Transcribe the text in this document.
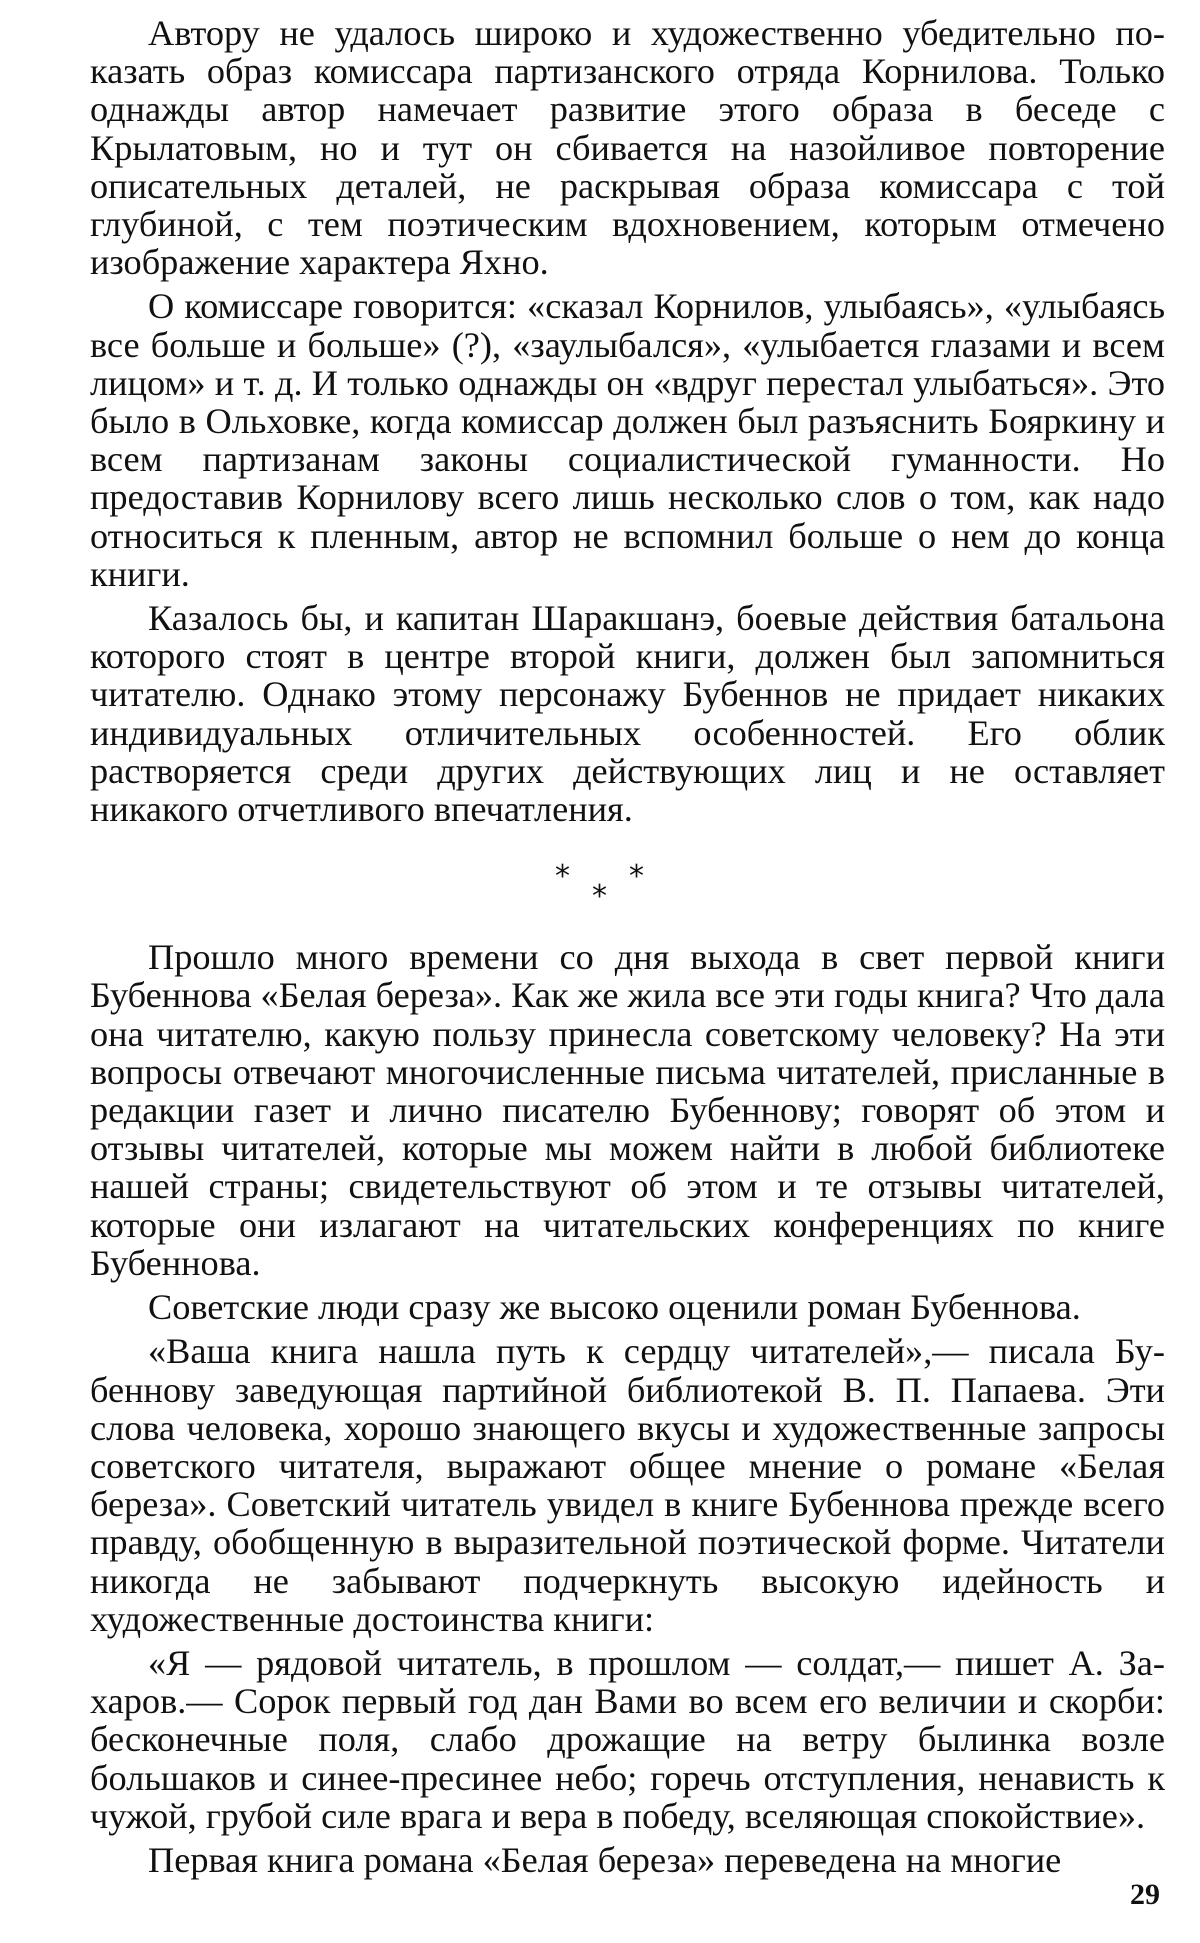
Автору не удалось широко и художественно убедительно показать образ комиссара партизанского отряда Корнилова. Только однажды автор намечает развитие этого образа в беседе с Крылатовым, но и тут он сбивается на назойливое повторение описательных деталей, не раскрывая образа комиссара с той глубиной, с тем поэтическим вдохновением, которым отмечено изображение характера Яхно.

О комиссаре говорится: «сказал Корнилов, улыбаясь», «улыбаясь все больше и больше» (?), «заулыбался», «улыбается глазами и всем лицом» и т. д. И только однажды он «вдруг перестал улыбаться». Это было в Ольховке, когда комиссар должен был разъяснить Бояркину и всем партизанам законы социалистической гуманности. Но предоставив Корнилову всего лишь несколько слов о том, как надо относиться к пленным, автор не вспомнил больше о нем до конца книги.

Казалось бы, и капитан Шаракшанэ, боевые действия батальона которого стоят в центре второй книги, должен был запомниться читателю. Однако этому персонажу Бубеннов не придает никаких индивидуальных отличительных особенностей. Его облик растворяется среди других действующих лиц и не оставляет никакого отчетливого впечатления.

*
*
*

Прошло много времени со дня выхода в свет первой книги Бубеннова «Белая береза». Как же жила все эти годы книга? Что дала она читателю, какую пользу принесла советскому человеку? На эти вопросы отвечают многочисленные письма читателей, присланные в редакции газет и лично писателю Бубеннову; говорят об этом и отзывы читателей, которые мы можем найти в любой библиотеке нашей страны; свидетельствуют об этом и те отзывы читателей, которые они излагают на читательских конференциях по книге Бубеннова.

Советские люди сразу же высоко оценили роман Бубеннова.

«Ваша книга нашла путь к сердцу читателей»,— писала Бубеннову заведующая партийной библиотекой В. П. Папаева. Эти слова человека, хорошо знающего вкусы и художественные запросы советского читателя, выражают общее мнение о романе «Белая береза». Советский читатель увидел в книге Бубеннова прежде всего правду, обобщенную в выразительной поэтической форме. Читатели никогда не забывают подчеркнуть высокую идейность и художественные достоинства книги:

«Я — рядовой читатель, в прошлом — солдат,— пишет А. Захаров.— Сорок первый год дан Вами во всем его величии и скорби: бесконечные поля, слабо дрожащие на ветру былинка возле большаков и синее-пресинее небо; горечь отступления, ненависть к чужой, грубой силе врага и вера в победу, вселяющая спокойствие».

Первая книга романа «Белая береза» переведена на многие

29
